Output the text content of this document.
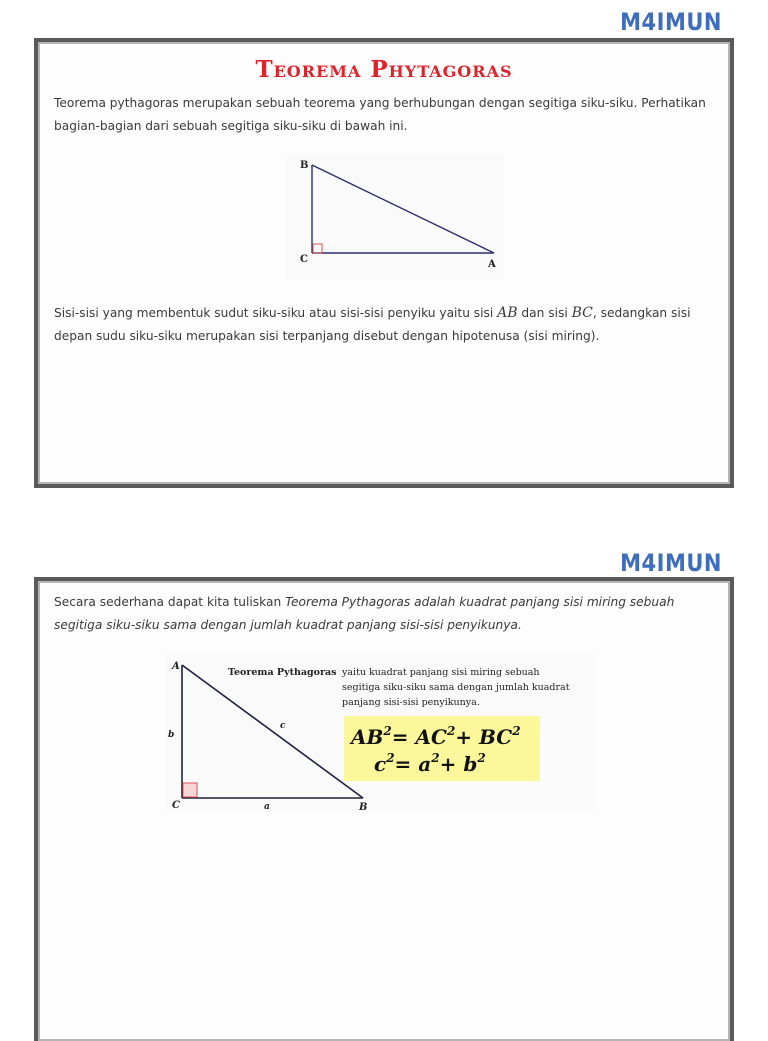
M4IMUN
Teorema Phytagoras

Teorema pythagoras merupakan sebuah teorema yang berhubungan dengan segitiga siku-siku. Perhatikan bagian-bagian dari sebuah segitiga siku-siku di bawah ini.

B
C	A

Sisi-sisi yang membentuk sudut siku-siku atau sisi-sisi penyiku yaitu sisi AB dan sisi BC, sedangkan sisi depan sudu siku-siku merupakan sisi terpanjang disebut dengan hipotenusa (sisi miring).

M4IMUN

Secara sederhana dapat kita tuliskan Teorema Pythagoras adalah kuadrat panjang sisi miring sebuah segitiga siku-siku sama dengan jumlah kuadrat panjang sisi-sisi penyikunya.

A
C	B
b
a
c
Teorema Pythagoras yaitu kuadrat panjang sisi miring sebuah
segitiga siku-siku sama dengan jumlah kuadrat
panjang sisi-sisi penyikunya.
$AB^2= AC^2+ BC^2$
$c^2= a^2+ b^2$
